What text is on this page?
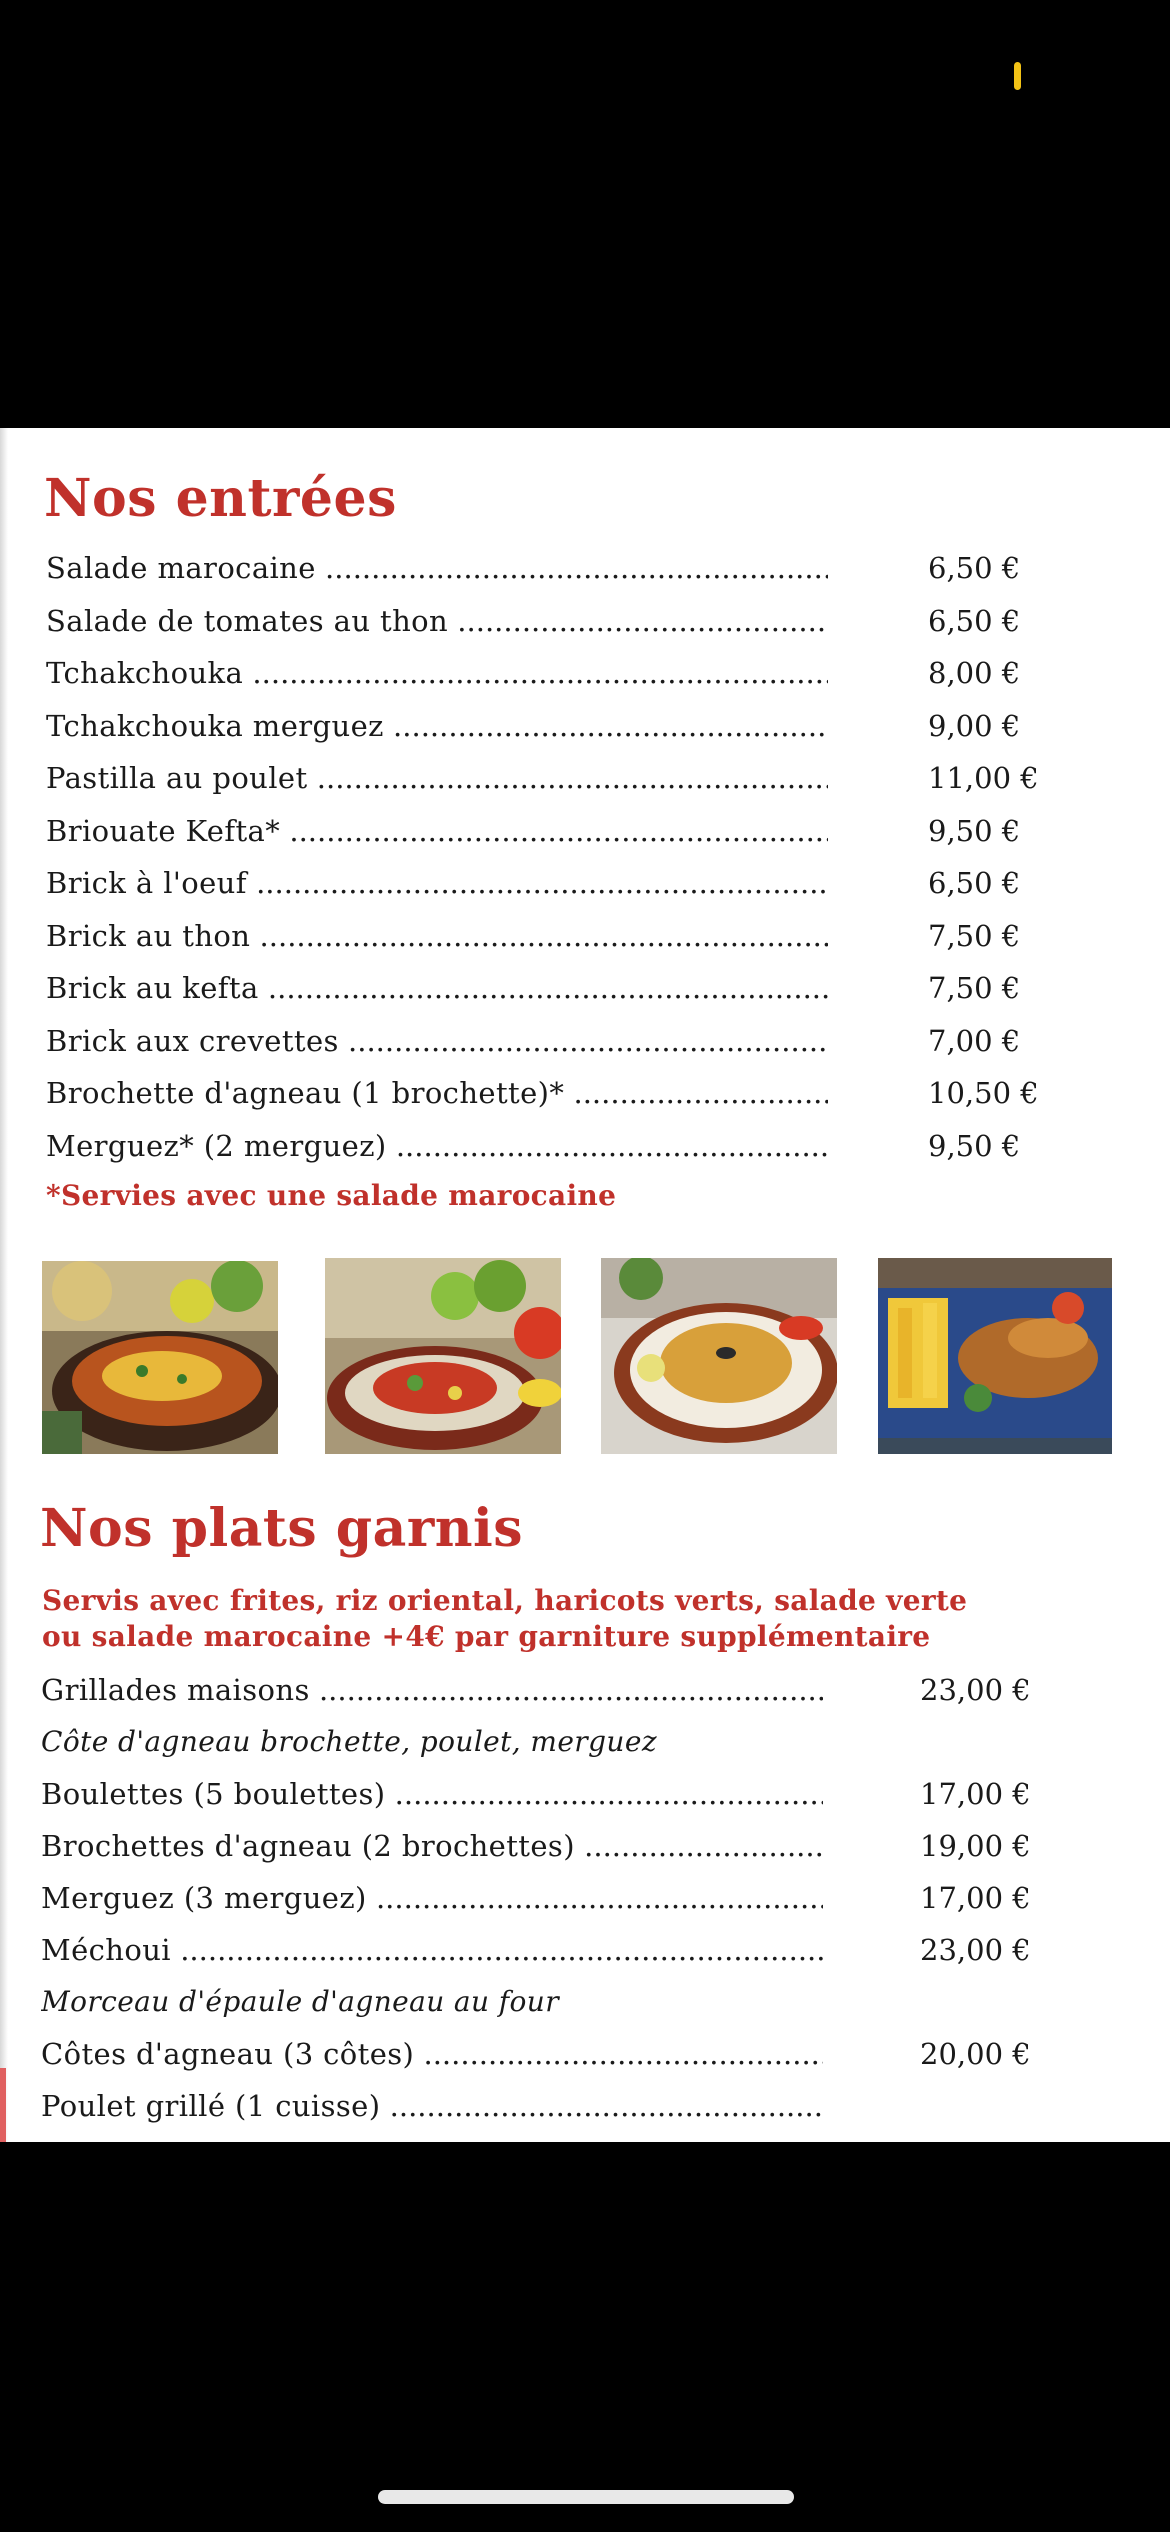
Nos entrées
Salade marocaine .....	6,50 €
Salade de tomates au thon .....	6,50 €
Tchakchouka .....	8,00 €
Tchakchouka merguez .....	9,00 €
Pastilla au poulet .....	11,00 €
Briouate Kefta* .....	9,50 €
Brick à l'oeuf .....	6,50 €
Brick au thon .....	7,50 €
Brick au kefta .....	7,50 €
Brick aux crevettes .....	7,00 €
Brochette d'agneau (1 brochette)* .....	10,50 €
Merguez* (2 merguez) .....	9,50 €

*Servies avec une salade marocaine

Nos plats garnis

Servis avec frites, riz oriental, haricots verts, salade verte
ou salade marocaine +4€ par garniture supplémentaire

Grillades maisons .....	23,00 €
Côte d'agneau brochette, poulet, merguez
Boulettes (5 boulettes) .....	17,00 €
Brochettes d'agneau (2 brochettes) .....	19,00 €
Merguez (3 merguez) .....	17,00 €
Méchoui .....	23,00 €
Morceau d'épaule d'agneau au four
Côtes d'agneau (3 côtes) .....	20,00 €
Poulet grillé (1 cuisse) .....
